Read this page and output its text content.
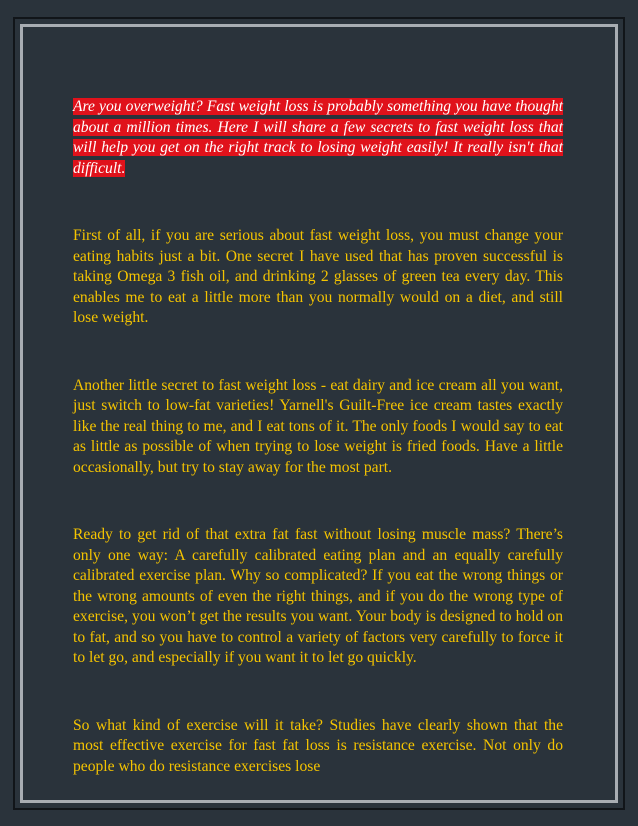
Are you overweight? Fast weight loss is probably something you have thought about a million times. Here I will share a few secrets to fast weight loss that will help you get on the right track to losing weight easily! It really isn't that difficult.

First of all, if you are serious about fast weight loss, you must change your eating habits just a bit. One secret I have used that has proven successful is taking Omega 3 fish oil, and drinking 2 glasses of green tea every day. This enables me to eat a little more than you normally would on a diet, and still lose weight.

Another little secret to fast weight loss - eat dairy and ice cream all you want, just switch to low-fat varieties! Yarnell's Guilt-Free ice cream tastes exactly like the real thing to me, and I eat tons of it. The only foods I would say to eat as little as possible of when trying to lose weight is fried foods. Have a little occasionally, but try to stay away for the most part.

Ready to get rid of that extra fat fast without losing muscle mass? There’s only one way: A carefully calibrated eating plan and an equally carefully calibrated exercise plan. Why so complicated? If you eat the wrong things or the wrong amounts of even the right things, and if you do the wrong type of exercise, you won’t get the results you want. Your body is designed to hold on to fat, and so you have to control a variety of factors very carefully to force it to let go, and especially if you want it to let go quickly.

So what kind of exercise will it take? Studies have clearly shown that the most effective exercise for fast fat loss is resistance exercise. Not only do people who do resistance exercises lose
